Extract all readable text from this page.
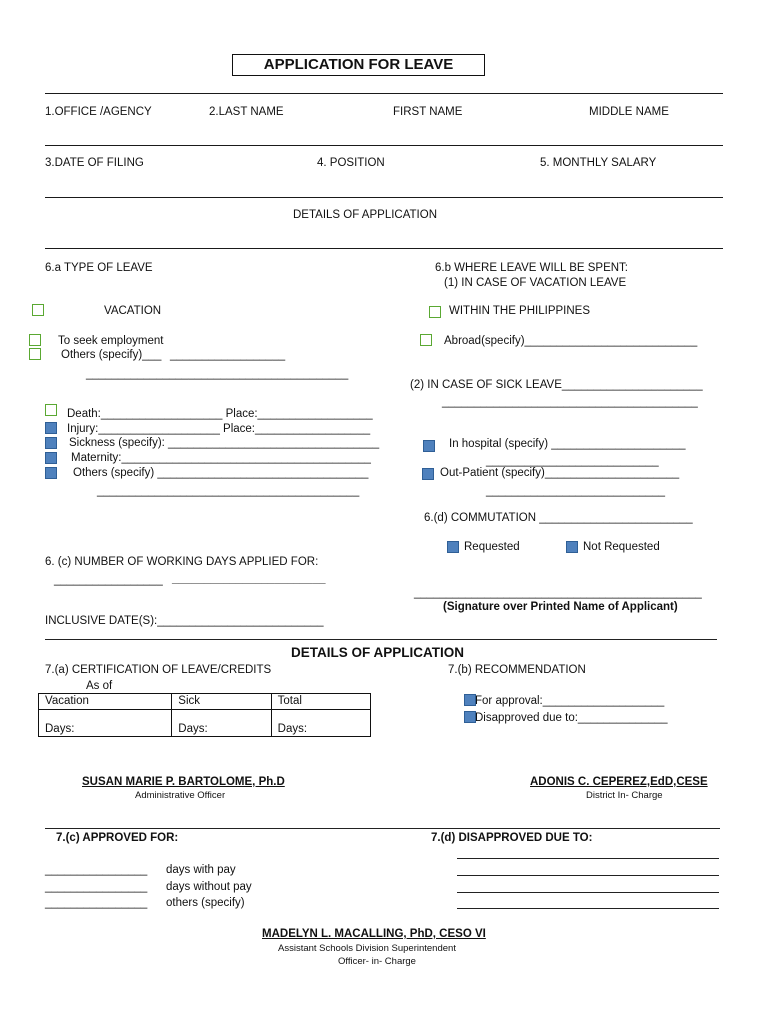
APPLICATION FOR LEAVE
1.OFFICE /AGENCY	2.LAST NAME	FIRST NAME	MIDDLE NAME
3.DATE OF FILING	4. POSITION	5. MONTHLY SALARY
DETAILS OF APPLICATION
6.a TYPE OF LEAVE
VACATION
To seek employment
Others (specify)___ __________________
_________________________________________
Death:___________________ Place:__________________
Injury:___________________ Place:__________________
Sickness (specify): _________________________________
Maternity:_______________________________________
Others (specify) _________________________________
_________________________________________
6.b WHERE LEAVE WILL BE SPENT:
(1) IN CASE OF VACATION LEAVE
WITHIN THE PHILIPPINES
Abroad(specify)___________________________
(2) IN CASE OF SICK LEAVE______________________
________________________________________
In hospital (specify) _____________________
___________________________
Out-Patient (specify)_____________________
____________________________
6.(d) COMMUTATION ________________________
Requested	Not Requested
6. (c) NUMBER OF WORKING DAYS APPLIED FOR:
_________________ ________________________
_____________________________________________
(Signature over Printed Name of Applicant)
INCLUSIVE DATE(S):__________________________
DETAILS OF APPLICATION
7.(a) CERTIFICATION OF LEAVE/CREDITS
As of
Vacation	Sick	Total
Days:	Days:	Days:
7.(b) RECOMMENDATION
For approval:___________________
Disapproved due to:______________
SUSAN MARIE P. BARTOLOME, Ph.D
Administrative Officer
ADONIS C. CEPEREZ,EdD,CESE
District In- Charge
7.(c) APPROVED FOR:
________________ days with pay
________________ days without pay
________________ others (specify)
7.(d) DISAPPROVED DUE TO:
MADELYN L. MACALLING, PhD, CESO VI
Assistant Schools Division Superintendent
Officer- in- Charge
